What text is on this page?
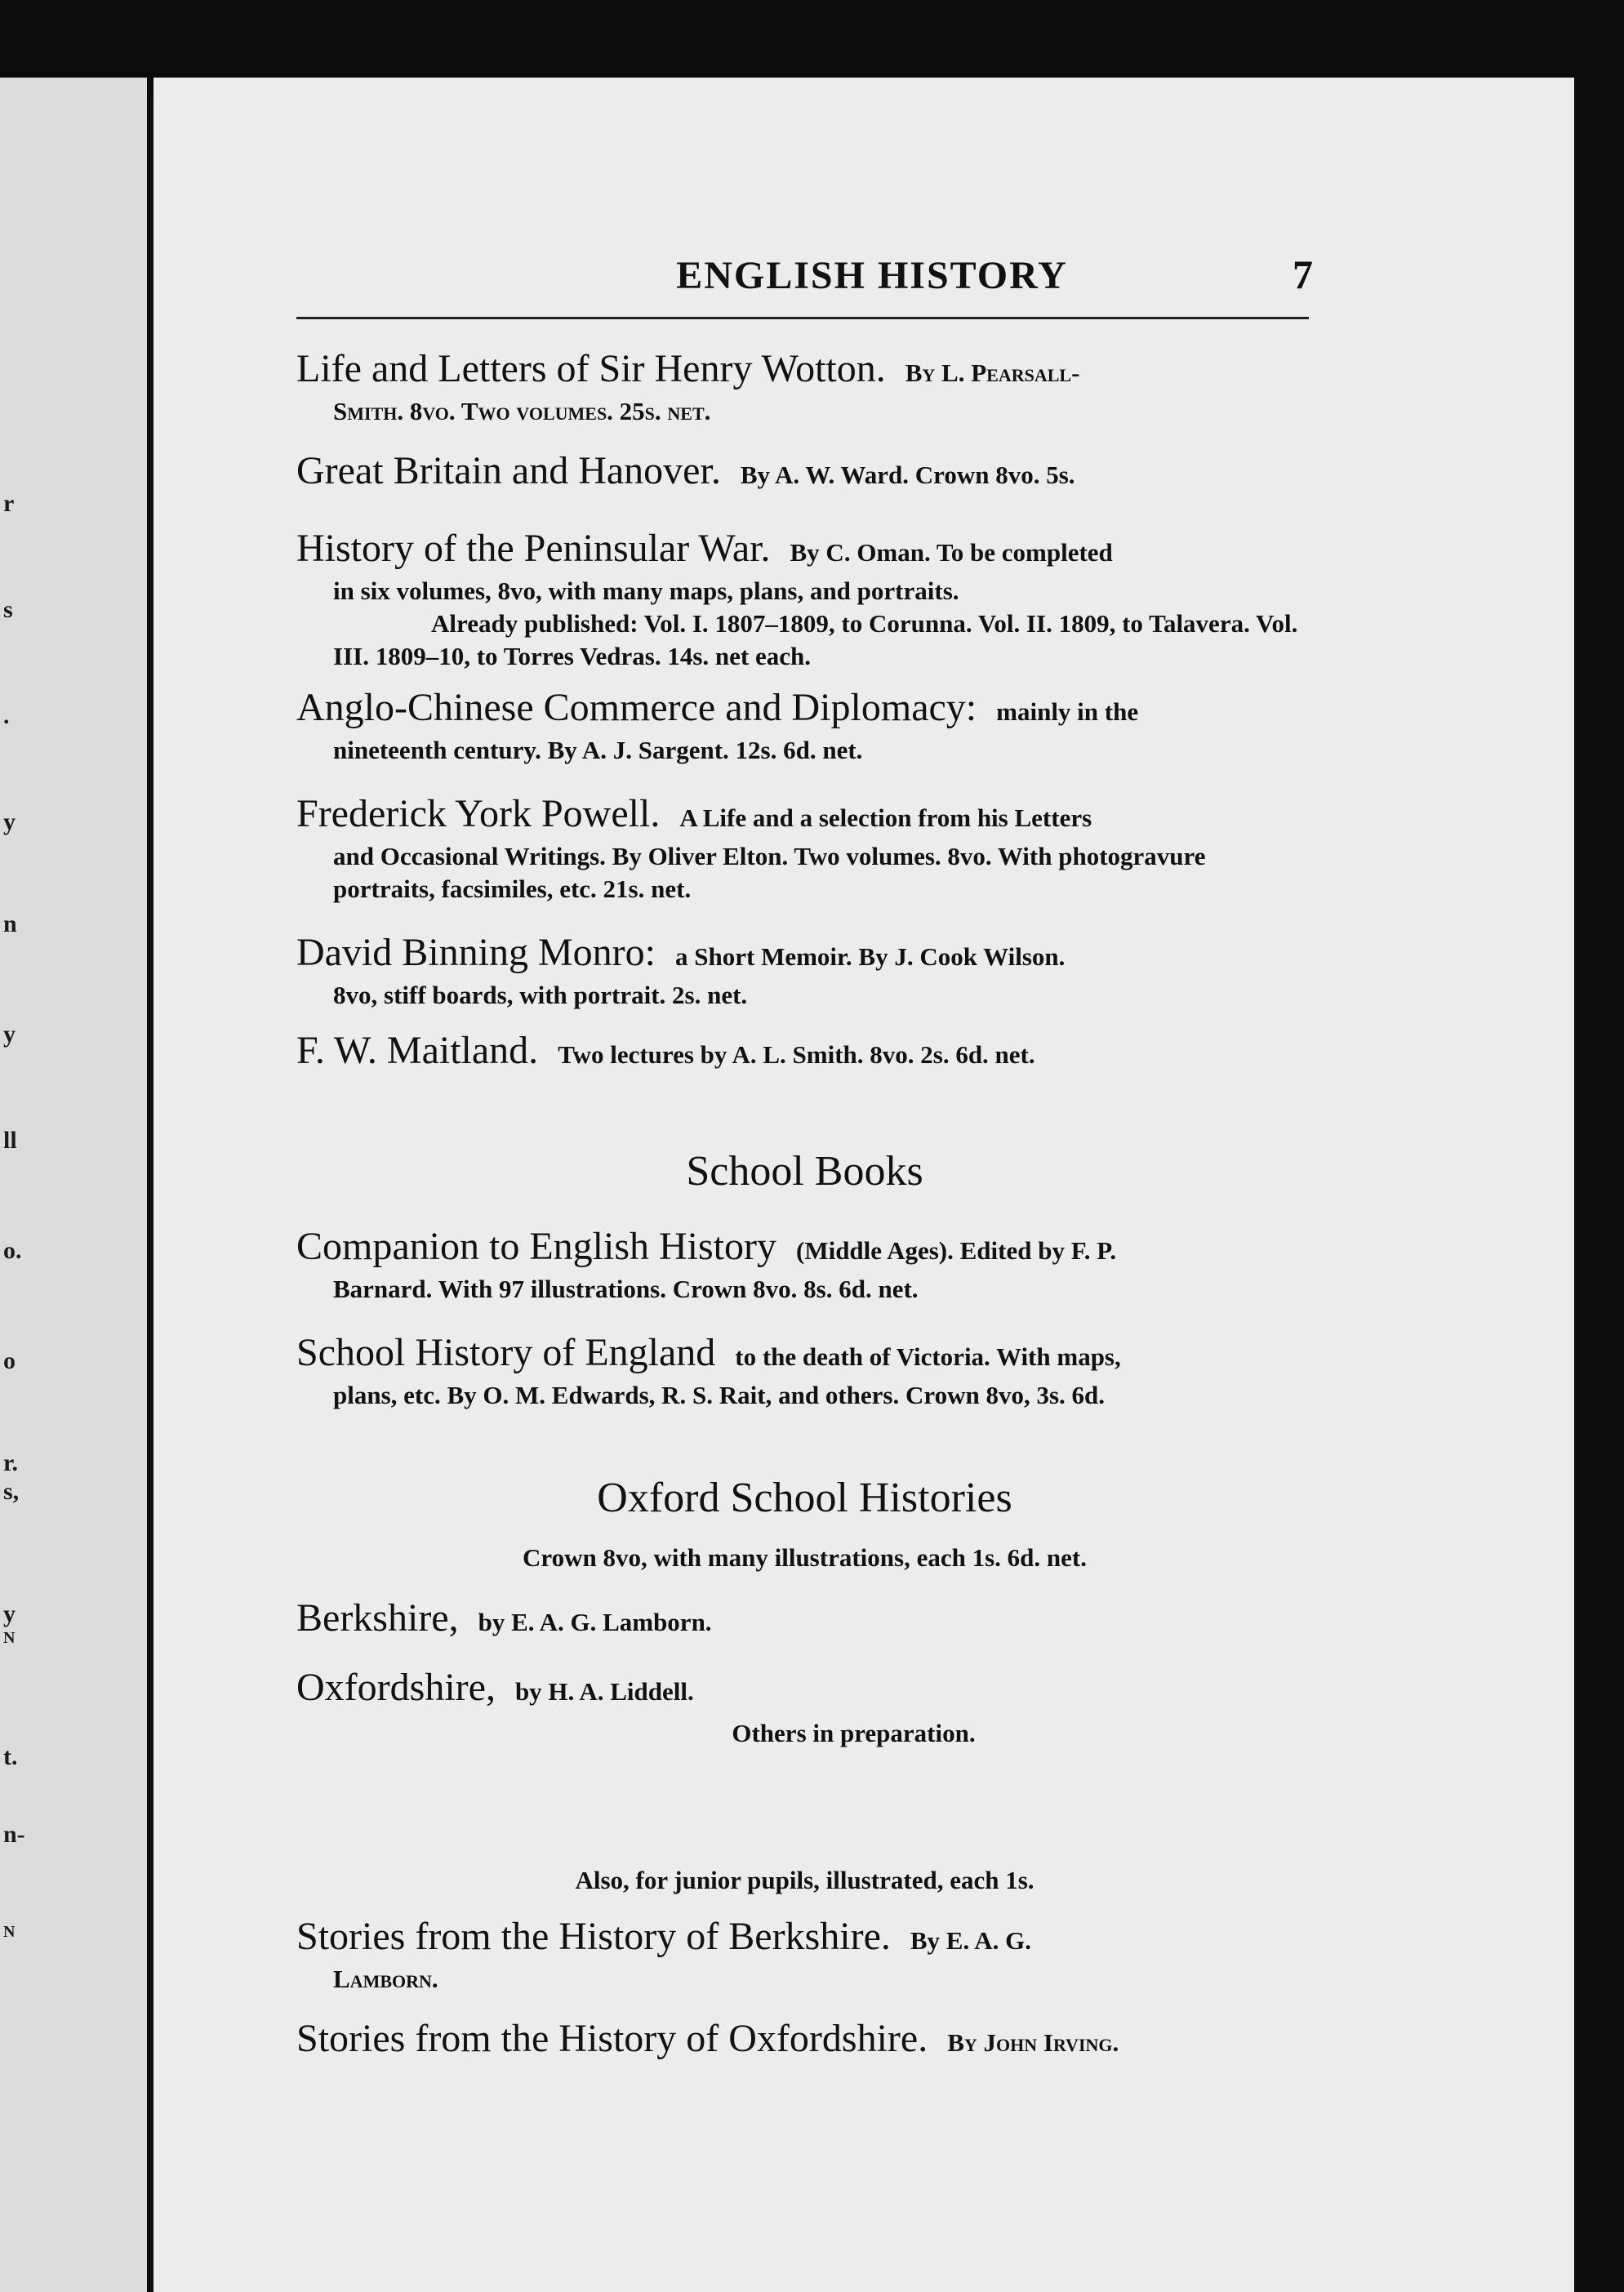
r
s
.
y
n
y
ll
o.
o
r.
s,
y
N
t.
n-
N
ENGLISH HISTORY	7
Life and Letters of Sir Henry Wotton. By L. Pearsall-
Smith. 8vo. Two volumes. 25s. net.
Great Britain and Hanover. By A. W. Ward. Crown 8vo. 5s.
History of the Peninsular War. By C. Oman. To be completed
in six volumes, 8vo, with many maps, plans, and portraits.
Already published: Vol. I. 1807–1809, to Corunna. Vol. II. 1809, to Talavera. Vol. III. 1809–10, to Torres Vedras. 14s. net each.
Anglo-Chinese Commerce and Diplomacy: mainly in the
nineteenth century. By A. J. Sargent. 12s. 6d. net.
Frederick York Powell. A Life and a selection from his Letters
and Occasional Writings. By Oliver Elton. Two volumes. 8vo. With photogravure portraits, facsimiles, etc. 21s. net.
David Binning Monro: a Short Memoir. By J. Cook Wilson.
8vo, stiff boards, with portrait. 2s. net.
F. W. Maitland. Two lectures by A. L. Smith. 8vo. 2s. 6d. net.
School Books
Companion to English History (Middle Ages). Edited by F. P.
Barnard. With 97 illustrations. Crown 8vo. 8s. 6d. net.
School History of England to the death of Victoria. With maps,
plans, etc. By O. M. Edwards, R. S. Rait, and others. Crown 8vo, 3s. 6d.
Oxford School Histories
Crown 8vo, with many illustrations, each 1s. 6d. net.
Berkshire, by E. A. G. Lamborn.
Oxfordshire, by H. A. Liddell.
Others in preparation.
Also, for junior pupils, illustrated, each 1s.
Stories from the History of Berkshire. By E. A. G.
Lamborn.
Stories from the History of Oxfordshire. By John Irving.
